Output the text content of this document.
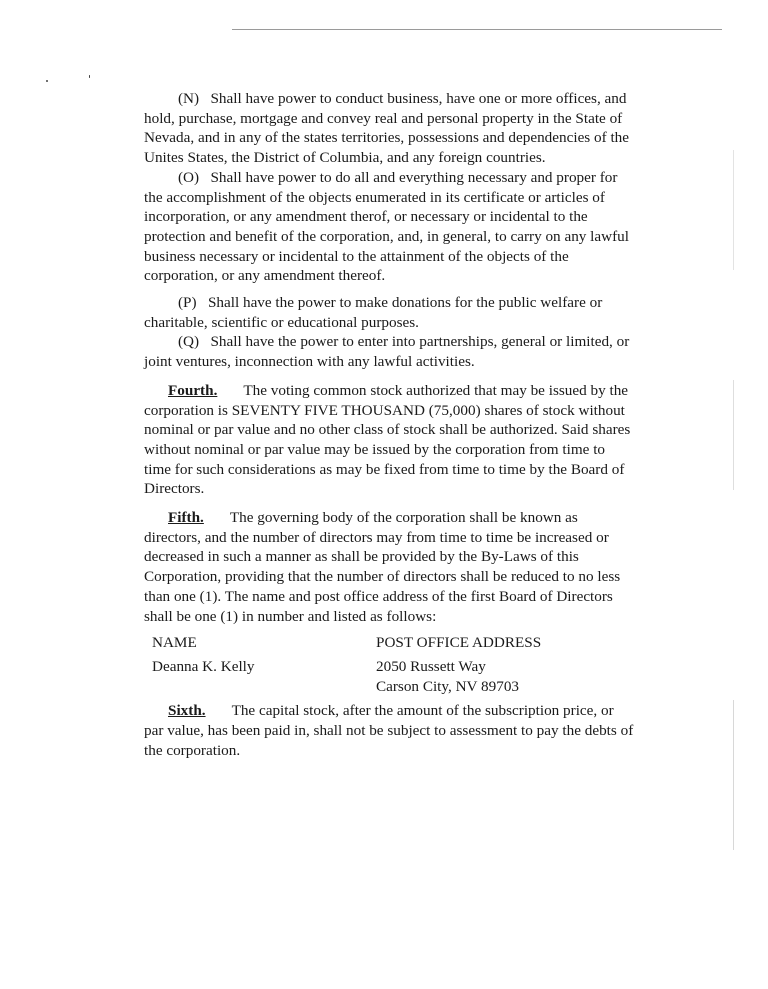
(N) Shall have power to conduct business, have one or more offices, and hold, purchase, mortgage and convey real and personal property in the State of Nevada, and in any of the states territories, possessions and dependencies of the Unites States, the District of Columbia, and any foreign countries.

(O) Shall have power to do all and everything necessary and proper for the accomplishment of the objects enumerated in its certificate or articles of incorporation, or any amendment therof, or necessary or incidental to the protection and benefit of the corporation, and, in general, to carry on any lawful business necessary or incidental to the attainment of the objects of the corporation, or any amendment thereof.

(P) Shall have the power to make donations for the public welfare or charitable, scientific or educational purposes.

(Q) Shall have the power to enter into partnerships, general or limited, or joint ventures, inconnection with any lawful activities.

Fourth. The voting common stock authorized that may be issued by the corporation is SEVENTY FIVE THOUSAND (75,000) shares of stock without nominal or par value and no other class of stock shall be authorized. Said shares without nominal or par value may be issued by the corporation from time to time for such considerations as may be fixed from time to time by the Board of Directors.

Fifth. The governing body of the corporation shall be known as directors, and the number of directors may from time to time be increased or decreased in such a manner as shall be provided by the By-Laws of this Corporation, providing that the number of directors shall be reduced to no less than one (1). The name and post office address of the first Board of Directors shall be one (1) in number and listed as follows:

NAME	POST OFFICE ADDRESS
Deanna K. Kelly	2050 Russett Way
Carson City, NV 89703

Sixth. The capital stock, after the amount of the subscription price, or par value, has been paid in, shall not be subject to assessment to pay the debts of the corporation.
